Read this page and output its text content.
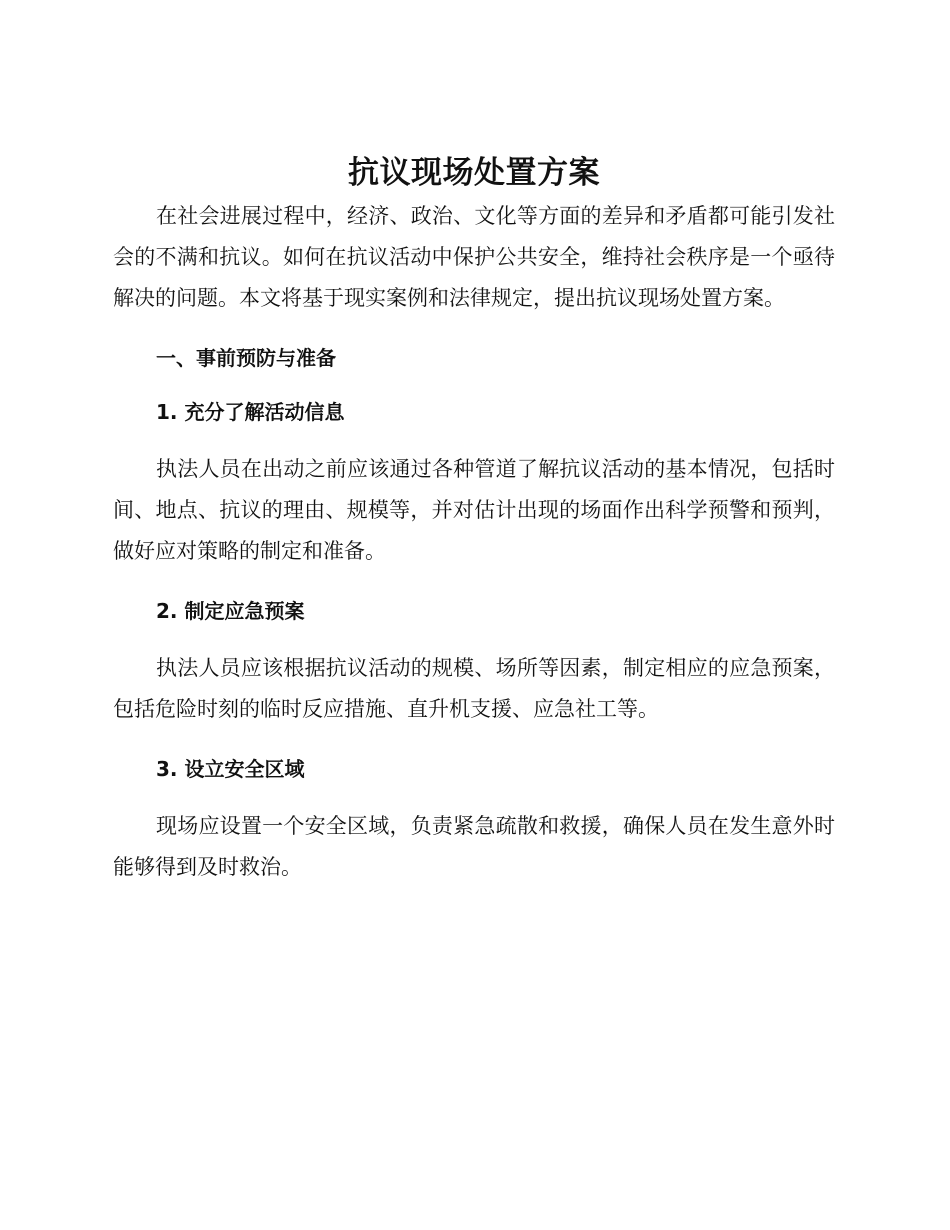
抗议现场处置方案

在社会进展过程中，经济、政治、文化等方面的差异和矛盾都可能引发社会的不满和抗议。如何在抗议活动中保护公共安全，维持社会秩序是一个亟待解决的问题。本文将基于现实案例和法律规定，提出抗议现场处置方案。

一、事前预防与准备
1. 充分了解活动信息

执法人员在出动之前应该通过各种管道了解抗议活动的基本情况，包括时间、地点、抗议的理由、规模等，并对估计出现的场面作出科学预警和预判，做好应对策略的制定和准备。

2. 制定应急预案

执法人员应该根据抗议活动的规模、场所等因素，制定相应的应急预案，包括危险时刻的临时反应措施、直升机支援、应急社工等。

3. 设立安全区域

现场应设置一个安全区域，负责紧急疏散和救援，确保人员在发生意外时能够得到及时救治。
